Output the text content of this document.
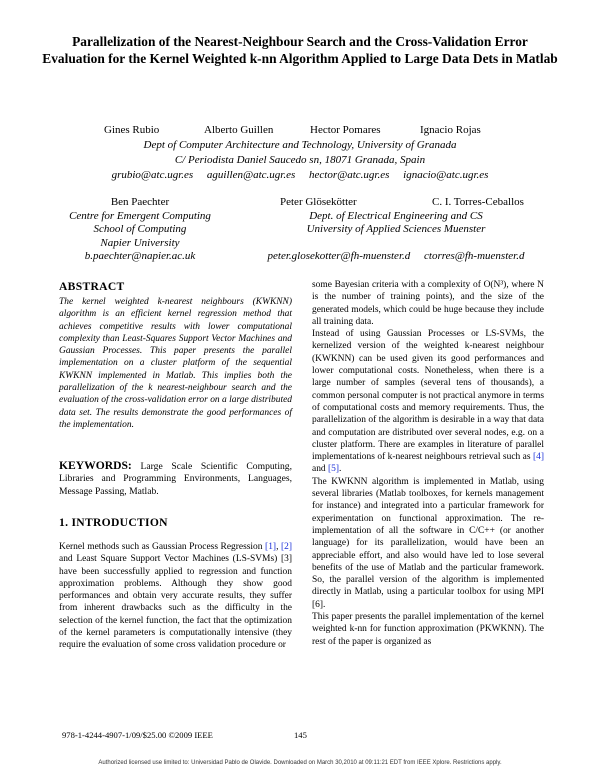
Parallelization of the Nearest-Neighbour Search and the Cross-Validation Error Evaluation for the Kernel Weighted k-nn Algorithm Applied to Large Data Dets in Matlab
Gines Rubio	Alberto Guillen	Hector Pomares	Ignacio Rojas
Dept of Computer Architecture and Technology, University of Granada
C/ Periodista Daniel Saucedo sn, 18071 Granada, Spain
grubio@atc.ugr.es     aguillen@atc.ugr.es     hector@atc.ugr.es     ignacio@atc.ugr.es
Ben Paechter
Centre for Emergent Computing
School of Computing
Napier University
b.paechter@napier.ac.uk
Peter Glösekötter	C. I. Torres-Ceballos
Dept. of Electrical Engineering and CS
University of Applied Sciences Muenster
peter.glosekotter@fh-muenster.d     ctorres@fh-muenster.d
ABSTRACT
The kernel weighted k-nearest neighbours (KWKNN) algorithm is an efficient kernel regression method that achieves competitive results with lower computational complexity than Least-Squares Support Vector Machines and Gaussian Processes. This paper presents the parallel implementation on a cluster platform of the sequential KWKNN implemented in Matlab. This implies both the parallelization of the k nearest-neighbour search and the evaluation of the cross-validation error on a large distributed data set. The results demonstrate the good performances of the implementation.
KEYWORDS: Large Scale Scientific Computing, Libraries and Programming Environments, Languages, Message Passing, Matlab.
1. INTRODUCTION
Kernel methods such as Gaussian Process Regression [1], [2] and Least Square Support Vector Machines (LS-SVMs) [3] have been successfully applied to regression and function approximation problems. Although they show good performances and obtain very accurate results, they suffer from inherent drawbacks such as the difficulty in the selection of the kernel function, the fact that the optimization of the kernel parameters is computationally intensive (they require the evaluation of some cross validation procedure or

some Bayesian criteria with a complexity of O(N³), where N is the number of training points), and the size of the generated models, which could be huge because they include all training data.

Instead of using Gaussian Processes or LS-SVMs, the kernelized version of the weighted k-nearest neighbour (KWKNN) can be used given its good performances and lower computational costs. Nonetheless, when there is a large number of samples (several tens of thousands), a common personal computer is not practical anymore in terms of computational costs and memory requirements. Thus, the parallelization of the algorithm is desirable in a way that data and computation are distributed over several nodes, e.g. on a cluster platform. There are examples in literature of parallel implementations of k-nearest neighbours retrieval such as [4] and [5].

The KWKNN algorithm is implemented in Matlab, using several libraries (Matlab toolboxes, for kernels management for instance) and integrated into a particular framework for experimentation on functional approximation. The re-implementation of all the software in C/C++ (or another language) for its parallelization, would have been an appreciable effort, and also would have led to lose several benefits of the use of Matlab and the particular framework. So, the parallel version of the algorithm is implemented directly in Matlab, using a particular toolbox for using MPI [6].

This paper presents the parallel implementation of the kernel weighted k-nn for function approximation (PKWKNN). The rest of the paper is organized as

978-1-4244-4907-1/09/$25.00 ©2009 IEEE	145
Authorized licensed use limited to: Universidad Pablo de Olavide. Downloaded on March 30,2010 at 09:11:21 EDT from IEEE Xplore. Restrictions apply.
